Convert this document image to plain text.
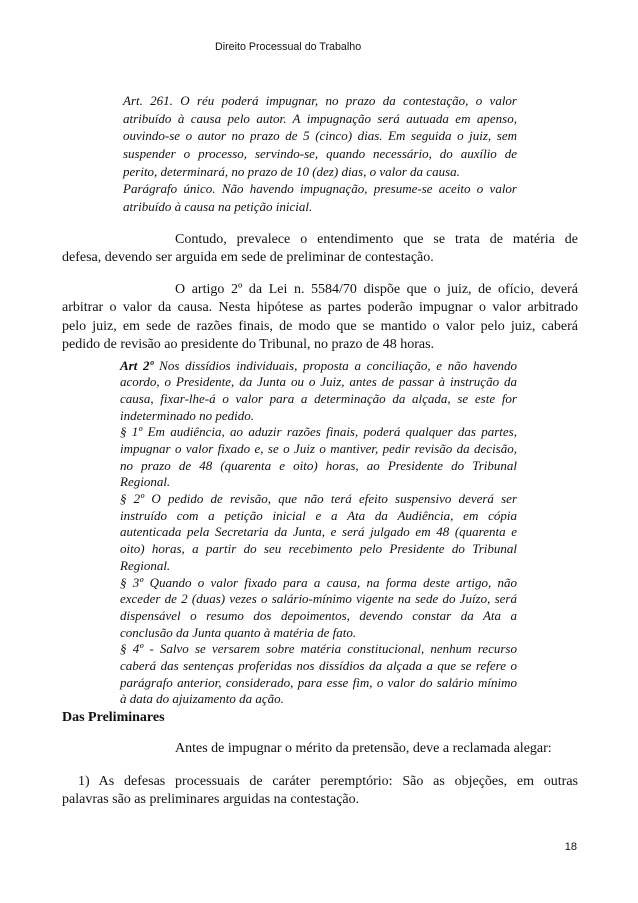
Direito Processual do Trabalho
Art. 261. O réu poderá impugnar, no prazo da contestação, o valor
atribuído à causa pelo autor. A impugnação será autuada em apenso,
ouvindo-se o autor no prazo de 5 (cinco) dias. Em seguida o juiz, sem
suspender o processo, servindo-se, quando necessário, do auxílio de
perito, determinará, no prazo de 10 (dez) dias, o valor da causa.
Parágrafo único. Não havendo impugnação, presume-se aceito o valor
atribuído à causa na petição inicial.
Contudo, prevalece o entendimento que se trata de matéria de
defesa, devendo ser arguida em sede de preliminar de contestação.
O artigo 2º da Lei n. 5584/70 dispõe que o juiz, de ofício, deverá
arbitrar o valor da causa. Nesta hipótese as partes poderão impugnar o valor arbitrado
pelo juiz, em sede de razões finais, de modo que se mantido o valor pelo juiz, caberá
pedido de revisão ao presidente do Tribunal, no prazo de 48 horas.
Art 2º Nos dissídios individuais, proposta a conciliação, e não havendo
acordo, o Presidente, da Junta ou o Juiz, antes de passar à instrução da
causa, fixar-lhe-á o valor para a determinação da alçada, se este for
indeterminado no pedido.
§ 1º Em audiência, ao aduzir razões finais, poderá qualquer das partes,
impugnar o valor fixado e, se o Juiz o mantiver, pedir revisão da decisão,
no prazo de 48 (quarenta e oito) horas, ao Presidente do Tribunal
Regional.
§ 2º O pedido de revisão, que não terá efeito suspensivo deverá ser
instruído com a petição inicial e a Ata da Audiência, em cópia
autenticada pela Secretaria da Junta, e será julgado em 48 (quarenta e
oito) horas, a partir do seu recebimento pelo Presidente do Tribunal
Regional.
§ 3º Quando o valor fixado para a causa, na forma deste artigo, não
exceder de 2 (duas) vezes o salário-mínimo vigente na sede do Juízo, será
dispensável o resumo dos depoimentos, devendo constar da Ata a
conclusão da Junta quanto à matéria de fato.
§ 4º - Salvo se versarem sobre matéria constitucional, nenhum recurso
caberá das sentenças proferidas nos dissídios da alçada a que se refere o
parágrafo anterior, considerado, para esse fim, o valor do salário mínimo
à data do ajuizamento da ação.
Das Preliminares
Antes de impugnar o mérito da pretensão, deve a reclamada alegar:
1) As defesas processuais de caráter peremptório: São as objeções, em outras
palavras são as preliminares arguidas na contestação.
18
